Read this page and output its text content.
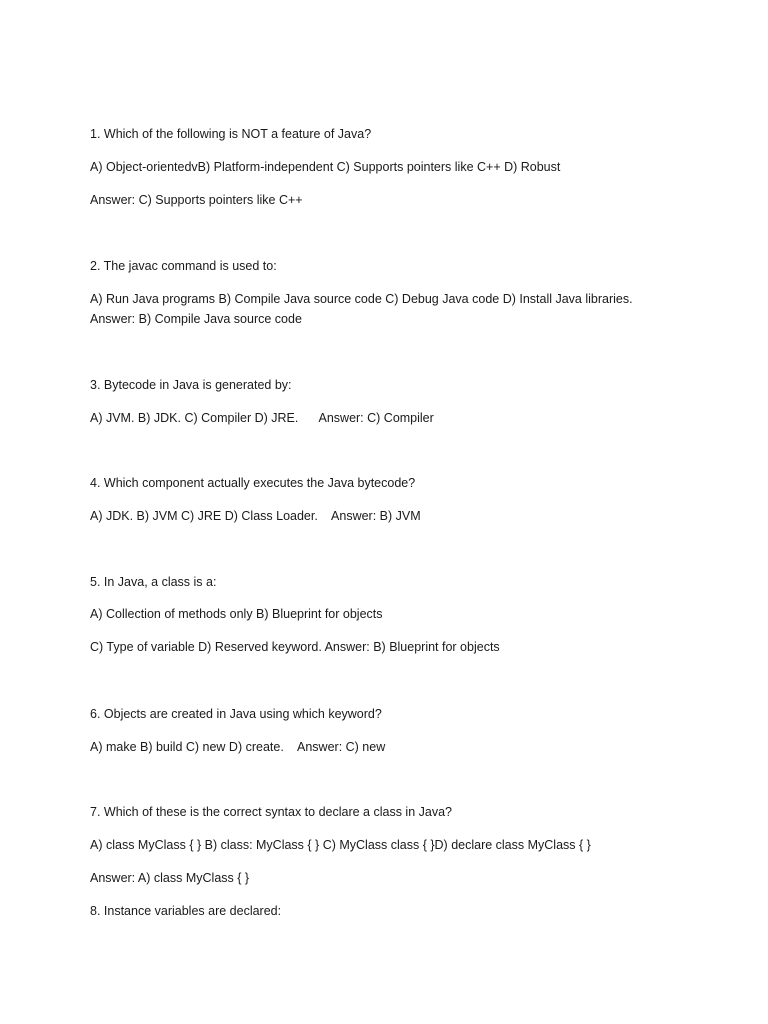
1. Which of the following is NOT a feature of Java?

A) Object-orientedvB) Platform-independent C) Supports pointers like C++ D) Robust

Answer: C) Supports pointers like C++

2. The javac command is used to:

A) Run Java programs B) Compile Java source code C) Debug Java code D) Install Java libraries. Answer: B) Compile Java source code

3. Bytecode in Java is generated by:

A) JVM. B) JDK. C) Compiler D) JRE.      Answer: C) Compiler

4. Which component actually executes the Java bytecode?

A) JDK. B) JVM C) JRE D) Class Loader.    Answer: B) JVM

5. In Java, a class is a:

A) Collection of methods only B) Blueprint for objects

C) Type of variable D) Reserved keyword. Answer: B) Blueprint for objects

6. Objects are created in Java using which keyword?

A) make B) build C) new D) create.    Answer: C) new

7. Which of these is the correct syntax to declare a class in Java?

A) class MyClass { } B) class: MyClass { } C) MyClass class { }D) declare class MyClass { }

Answer: A) class MyClass { }

8. Instance variables are declared:
